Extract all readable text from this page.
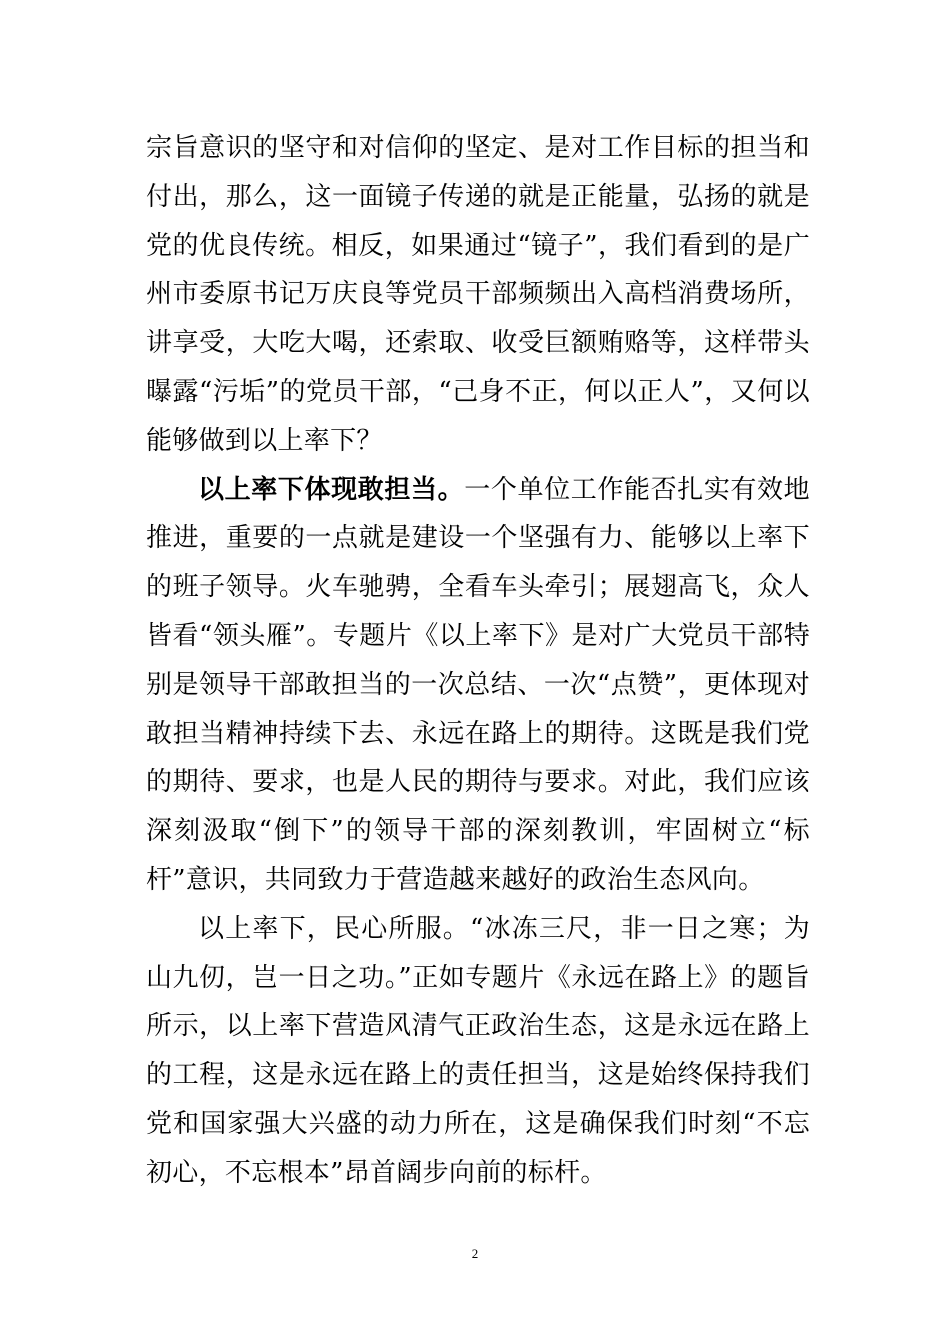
宗旨意识的坚守和对信仰的坚定、是对工作目标的担当和付出，那么，这一面镜子传递的就是正能量，弘扬的就是党的优良传统。相反，如果通过“镜子”，我们看到的是广州市委原书记万庆良等党员干部频频出入高档消费场所，讲享受，大吃大喝，还索取、收受巨额贿赂等，这样带头曝露“污垢”的党员干部，“己身不正，何以正人”，又何以能够做到以上率下？

以上率下体现敢担当。一个单位工作能否扎实有效地推进，重要的一点就是建设一个坚强有力、能够以上率下的班子领导。火车驰骋，全看车头牵引；展翅高飞，众人皆看“领头雁”。专题片《以上率下》是对广大党员干部特别是领导干部敢担当的一次总结、一次“点赞”，更体现对敢担当精神持续下去、永远在路上的期待。这既是我们党的期待、要求，也是人民的期待与要求。对此，我们应该深刻汲取“倒下”的领导干部的深刻教训，牢固树立“标杆”意识，共同致力于营造越来越好的政治生态风向。

以上率下，民心所服。“冰冻三尺，非一日之寒；为山九仞，岂一日之功。”正如专题片《永远在路上》的题旨所示，以上率下营造风清气正政治生态，这是永远在路上的工程，这是永远在路上的责任担当，这是始终保持我们党和国家强大兴盛的动力所在，这是确保我们时刻“不忘初心，不忘根本”昂首阔步向前的标杆。

2
